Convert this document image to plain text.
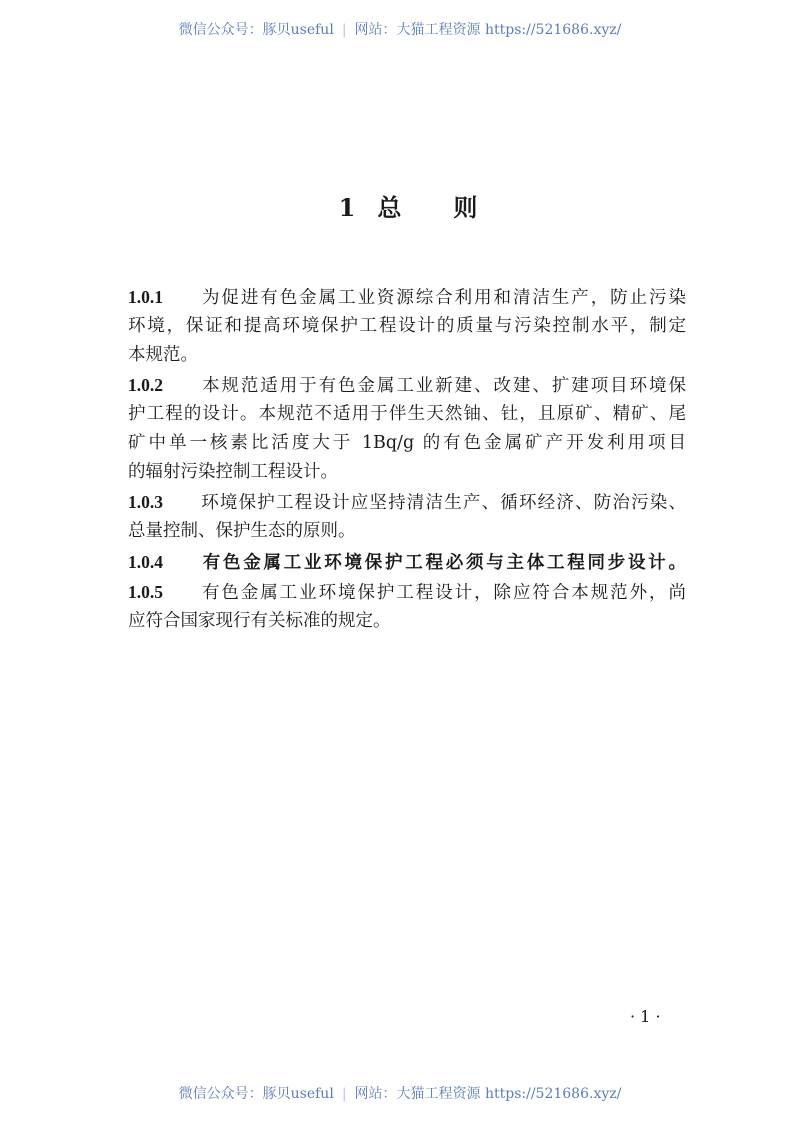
微信公众号：豚贝useful | 网站：大猫工程资源 https://521686.xyz/
1 总 则
1.0.1 为促进有色金属工业资源综合利用和清洁生产，防止污染
环境，保证和提高环境保护工程设计的质量与污染控制水平，制定
本规范。
1.0.2 本规范适用于有色金属工业新建、改建、扩建项目环境保
护工程的设计。本规范不适用于伴生天然铀、钍，且原矿、精矿、尾
矿中单一核素比活度大于 1Bq/g 的有色金属矿产开发利用项目
的辐射污染控制工程设计。
1.0.3 环境保护工程设计应坚持清洁生产、循环经济、防治污染、
总量控制、保护生态的原则。
1.0.4 有色金属工业环境保护工程必须与主体工程同步设计。
1.0.5 有色金属工业环境保护工程设计，除应符合本规范外，尚
应符合国家现行有关标准的规定。
· 1 ·
微信公众号：豚贝useful | 网站：大猫工程资源 https://521686.xyz/
